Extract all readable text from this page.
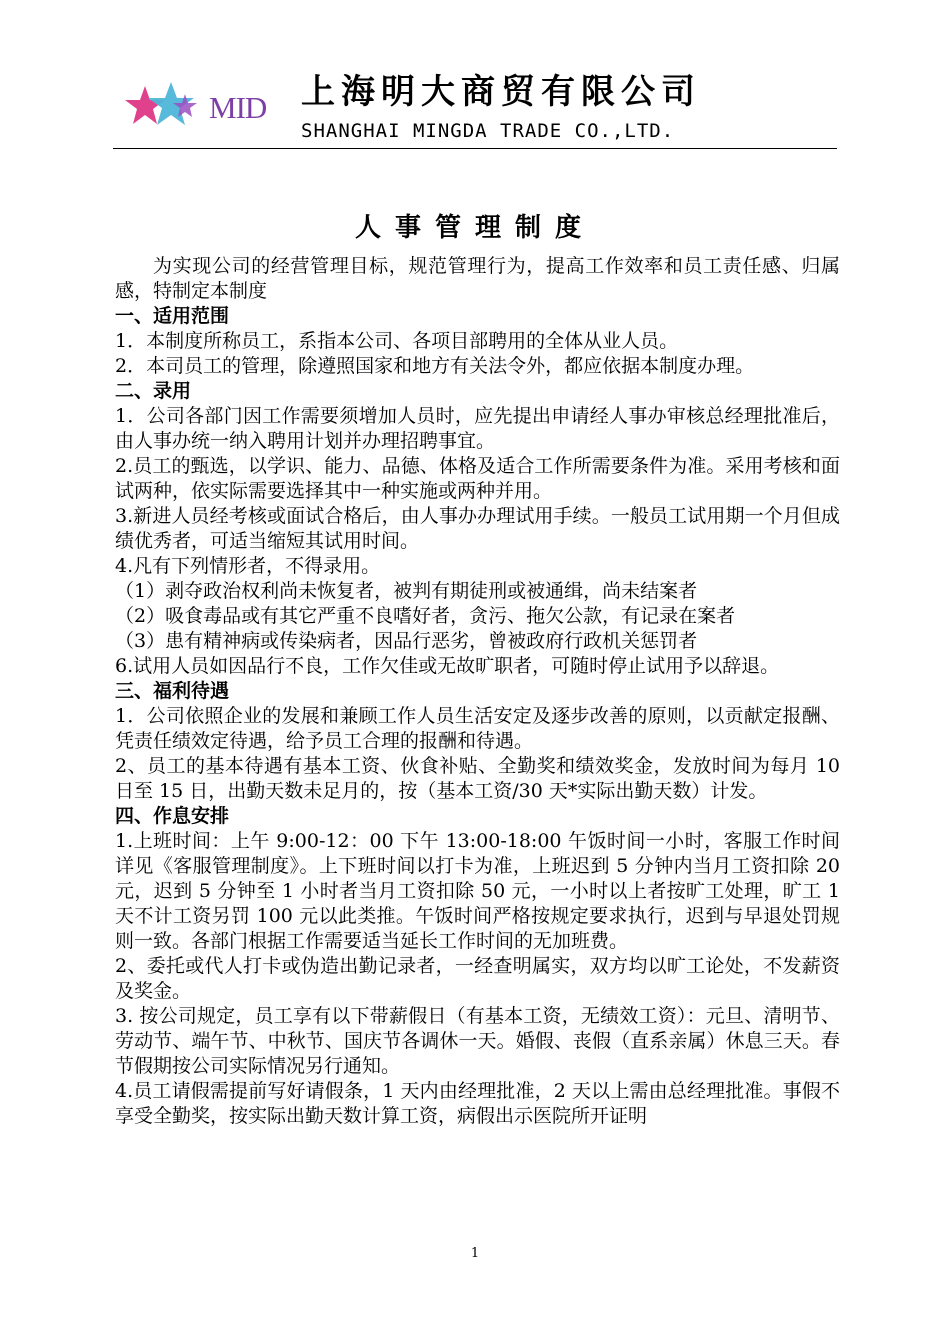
MID 上海明大商贸有限公司
SHANGHAI MINGDA TRADE CO.,LTD.
人事管理制度

为实现公司的经营管理目标，规范管理行为，提高工作效率和员工责任感、归属感，特制定本制度

一、适用范围

1．本制度所称员工，系指本公司、各项目部聘用的全体从业人员。

2．本司员工的管理，除遵照国家和地方有关法令外，都应依据本制度办理。

二、录用

1．公司各部门因工作需要须增加人员时，应先提出申请经人事办审核总经理批准后，由人事办统一纳入聘用计划并办理招聘事宜。

2.员工的甄选，以学识、能力、品德、体格及适合工作所需要条件为准。采用考核和面试两种，依实际需要选择其中一种实施或两种并用。

3.新进人员经考核或面试合格后，由人事办办理试用手续。一般员工试用期一个月但成绩优秀者，可适当缩短其试用时间。

4.凡有下列情形者，不得录用。

（1）剥夺政治权利尚未恢复者，被判有期徒刑或被通缉，尚未结案者

（2）吸食毒品或有其它严重不良嗜好者，贪污、拖欠公款，有记录在案者

（3）患有精神病或传染病者，因品行恶劣，曾被政府行政机关惩罚者

6.试用人员如因品行不良，工作欠佳或无故旷职者，可随时停止试用予以辞退。

三、福利待遇

1．公司依照企业的发展和兼顾工作人员生活安定及逐步改善的原则，以贡献定报酬、凭责任绩效定待遇，给予员工合理的报酬和待遇。

2、员工的基本待遇有基本工资、伙食补贴、全勤奖和绩效奖金，发放时间为每月 10 日至 15 日，出勤天数未足月的，按（基本工资/30 天*实际出勤天数）计发。

四、作息安排

1.上班时间：上午 9:00-12：00 下午 13:00-18:00 午饭时间一小时，客服工作时间详见《客服管理制度》。上下班时间以打卡为准，上班迟到 5 分钟内当月工资扣除 20 元，迟到 5 分钟至 1 小时者当月工资扣除 50 元，一小时以上者按旷工处理，旷工 1 天不计工资另罚 100 元以此类推。午饭时间严格按规定要求执行，迟到与早退处罚规则一致。各部门根据工作需要适当延长工作时间的无加班费。

2、委托或代人打卡或伪造出勤记录者，一经查明属实，双方均以旷工论处，不发薪资及奖金。

3. 按公司规定，员工享有以下带薪假日（有基本工资，无绩效工资）：元旦、清明节、劳动节、端午节、中秋节、国庆节各调休一天。婚假、丧假（直系亲属）休息三天。春节假期按公司实际情况另行通知。

4.员工请假需提前写好请假条，1 天内由经理批准，2 天以上需由总经理批准。事假不享受全勤奖，按实际出勤天数计算工资，病假出示医院所开证明

1
